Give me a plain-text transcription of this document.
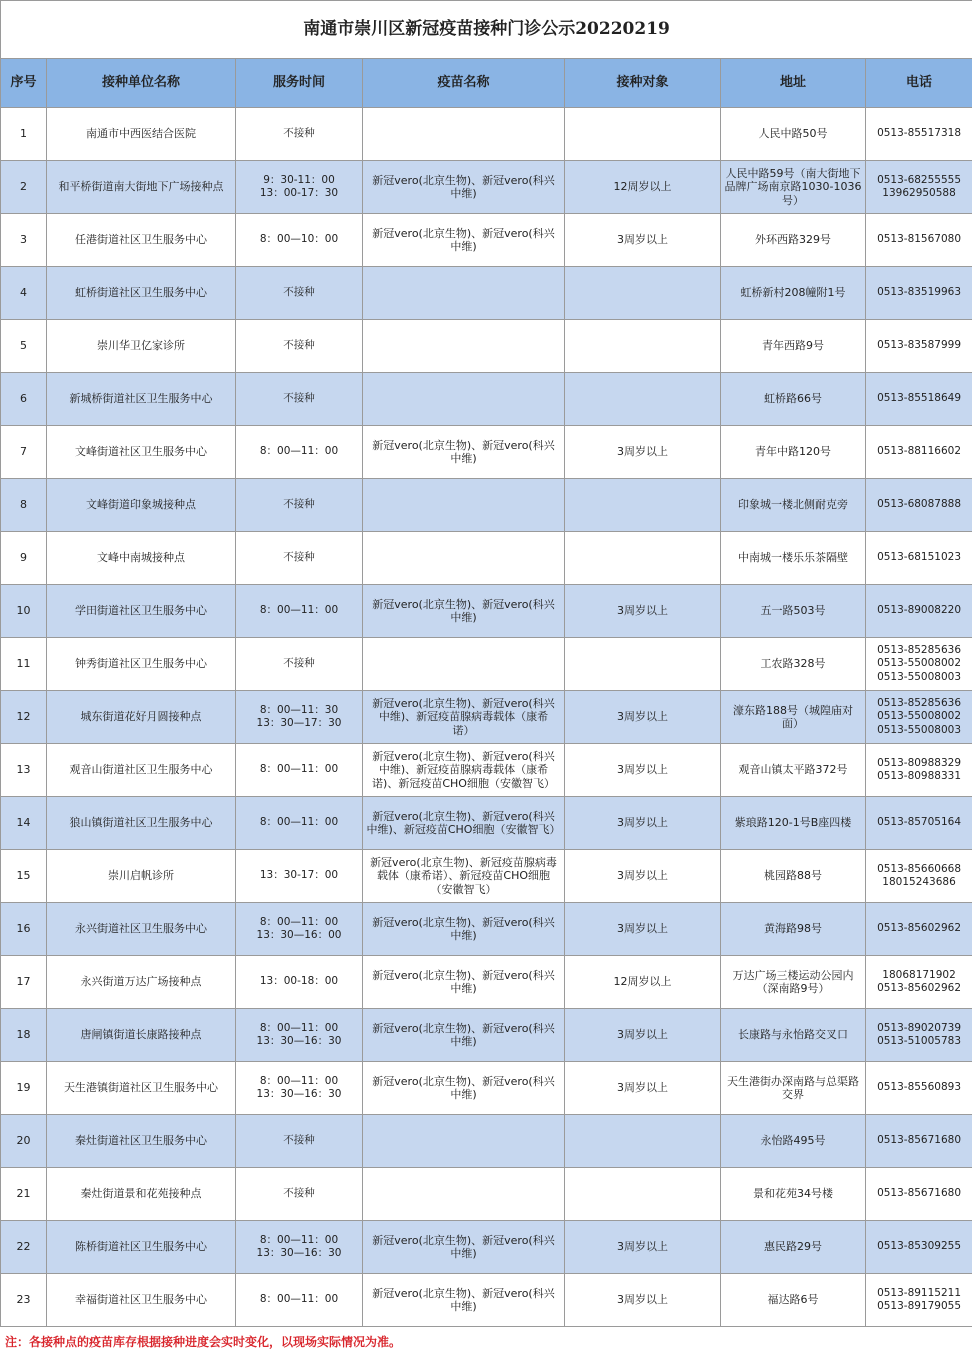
南通市崇川区新冠疫苗接种门诊公示20220219						
序号	接种单位名称	服务时间	疫苗名称	接种对象	地址	电话
1	南通市中西医结合医院	不接种			人民中路50号	0513-85517318

2	和平桥街道南大街地下广场接种点	9：30-11：00
13：00-17：30	新冠vero(北京生物)、新冠vero(科兴
中维)	12周岁以上	人民中路59号（南大街地下
品牌广场南京路1030-1036
号）	0513-68255555
13962950588

3	任港街道社区卫生服务中心	8：00—10：00	新冠vero(北京生物)、新冠vero(科兴
中维)	3周岁以上	外环西路329号	0513-81567080

4	虹桥街道社区卫生服务中心	不接种			虹桥新村208幢附1号	0513-83519963

5	崇川华卫亿家诊所	不接种			青年西路9号	0513-83587999

6	新城桥街道社区卫生服务中心	不接种			虹桥路66号	0513-85518649

7	文峰街道社区卫生服务中心	8：00—11：00	新冠vero(北京生物)、新冠vero(科兴
中维)	3周岁以上	青年中路120号	0513-88116602

8	文峰街道印象城接种点	不接种			印象城一楼北侧耐克旁	0513-68087888

9	文峰中南城接种点	不接种			中南城一楼乐乐茶隔壁	0513-68151023

10	学田街道社区卫生服务中心	8：00—11：00	新冠vero(北京生物)、新冠vero(科兴
中维)	3周岁以上	五一路503号	0513-89008220

11	钟秀街道社区卫生服务中心	不接种			工农路328号	0513-85285636
0513-55008002
0513-55008003

12	城东街道花好月圆接种点	8：00—11：30
13：30—17：30	新冠vero(北京生物)、新冠vero(科兴
中维)、新冠疫苗腺病毒载体（康希
诺）	3周岁以上	濠东路188号（城隍庙对
面）	0513-85285636
0513-55008002
0513-55008003

13	观音山街道社区卫生服务中心	8：00—11：00	新冠vero(北京生物)、新冠vero(科兴
中维)、新冠疫苗腺病毒载体（康希
诺)、新冠疫苗CHO细胞（安徽智飞）	3周岁以上	观音山镇太平路372号	0513-80988329
0513-80988331

14	狼山镇街道社区卫生服务中心	8：00—11：00	新冠vero(北京生物)、新冠vero(科兴
中维)、新冠疫苗CHO细胞（安徽智飞）	3周岁以上	紫琅路120-1号B座四楼	0513-85705164

15	崇川启帆诊所	13：30-17：00	新冠vero(北京生物)、新冠疫苗腺病毒
载体（康希诺）、新冠疫苗CHO细胞
（安徽智飞）	3周岁以上	桃园路88号	0513-85660668
18015243686

16	永兴街道社区卫生服务中心	8：00—11：00
13：30—16：00	新冠vero(北京生物)、新冠vero(科兴
中维)	3周岁以上	黄海路98号	0513-85602962

17	永兴街道万达广场接种点	13：00-18：00	新冠vero(北京生物)、新冠vero(科兴
中维)	12周岁以上	万达广场三楼运动公园内
（深南路9号）	18068171902
0513-85602962

18	唐闸镇街道长康路接种点	8：00—11：00
13：30—16：30	新冠vero(北京生物)、新冠vero(科兴
中维)	3周岁以上	长康路与永怡路交叉口	0513-89020739
0513-51005783

19	天生港镇街道社区卫生服务中心	8：00—11：00
13：30—16：30	新冠vero(北京生物)、新冠vero(科兴
中维)	3周岁以上	天生港街办深南路与总渠路
交界	0513-85560893

20	秦灶街道社区卫生服务中心	不接种			永怡路495号	0513-85671680

21	秦灶街道景和花苑接种点	不接种			景和花苑34号楼	0513-85671680

22	陈桥街道社区卫生服务中心	8：00—11：00
13：30—16：30	新冠vero(北京生物)、新冠vero(科兴
中维)	3周岁以上	惠民路29号	0513-85309255

23	幸福街道社区卫生服务中心	8：00—11：00	新冠vero(北京生物)、新冠vero(科兴
中维)	3周岁以上	福达路6号	0513-89115211
0513-89179055
注：各接种点的疫苗库存根据接种进度会实时变化，以现场实际情况为准。
